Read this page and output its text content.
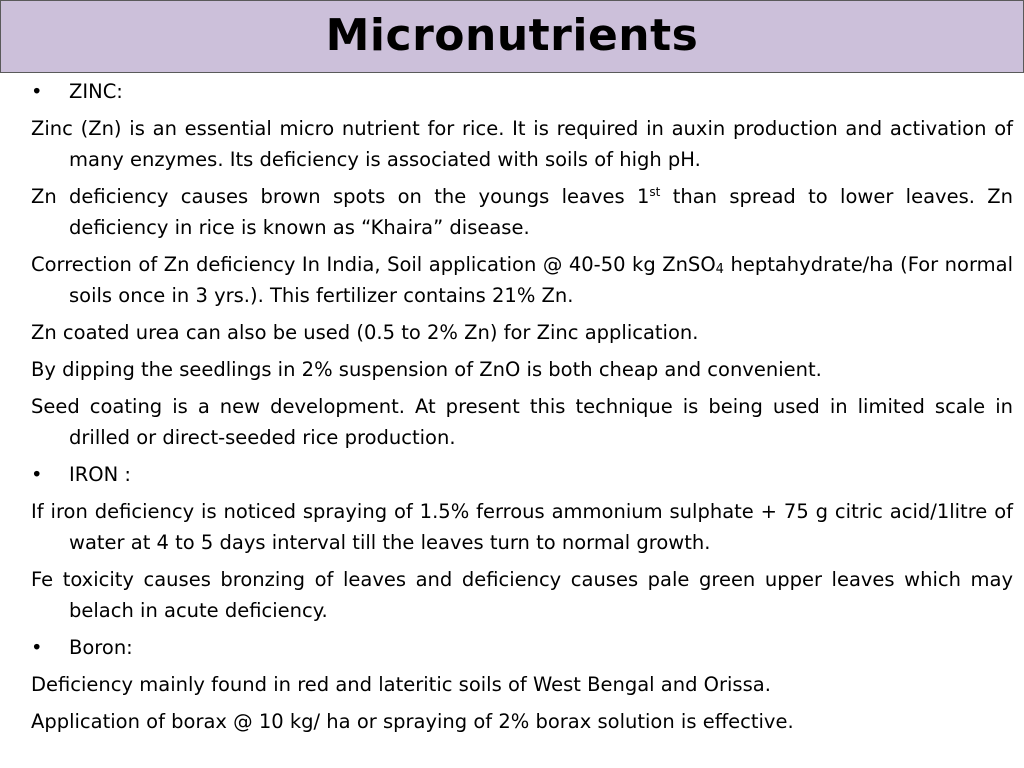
Micronutrients
•	ZINC:

Zinc (Zn) is an essential micro nutrient for rice. It is required in auxin production and activation of many enzymes. Its deficiency is associated with soils of high pH.

Zn deficiency causes brown spots on the youngs leaves 1st than spread to lower leaves. Zn deficiency in rice is known as “Khaira” disease.

Correction of Zn deficiency In India, Soil application @ 40-50 kg ZnSO$_4$ heptahydrate/ha (For normal soils once in 3 yrs.). This fertilizer contains 21% Zn.

Zn coated urea can also be used (0.5 to 2% Zn) for Zinc application.

By dipping the seedlings in 2% suspension of ZnO is both cheap and convenient.

Seed coating is a new development. At present this technique is being used in limited scale in drilled or direct-seeded rice production.

•	IRON :

If iron deficiency is noticed spraying of 1.5% ferrous ammonium sulphate + 75 g citric acid/1litre of water at 4 to 5 days interval till the leaves turn to normal growth.

Fe toxicity causes bronzing of leaves and deficiency causes pale green upper leaves which may belach in acute deficiency.

•	Boron:

Deficiency mainly found in red and lateritic soils of West Bengal and Orissa.

Application of borax @ 10 kg/ ha or spraying of 2% borax solution is effective.
